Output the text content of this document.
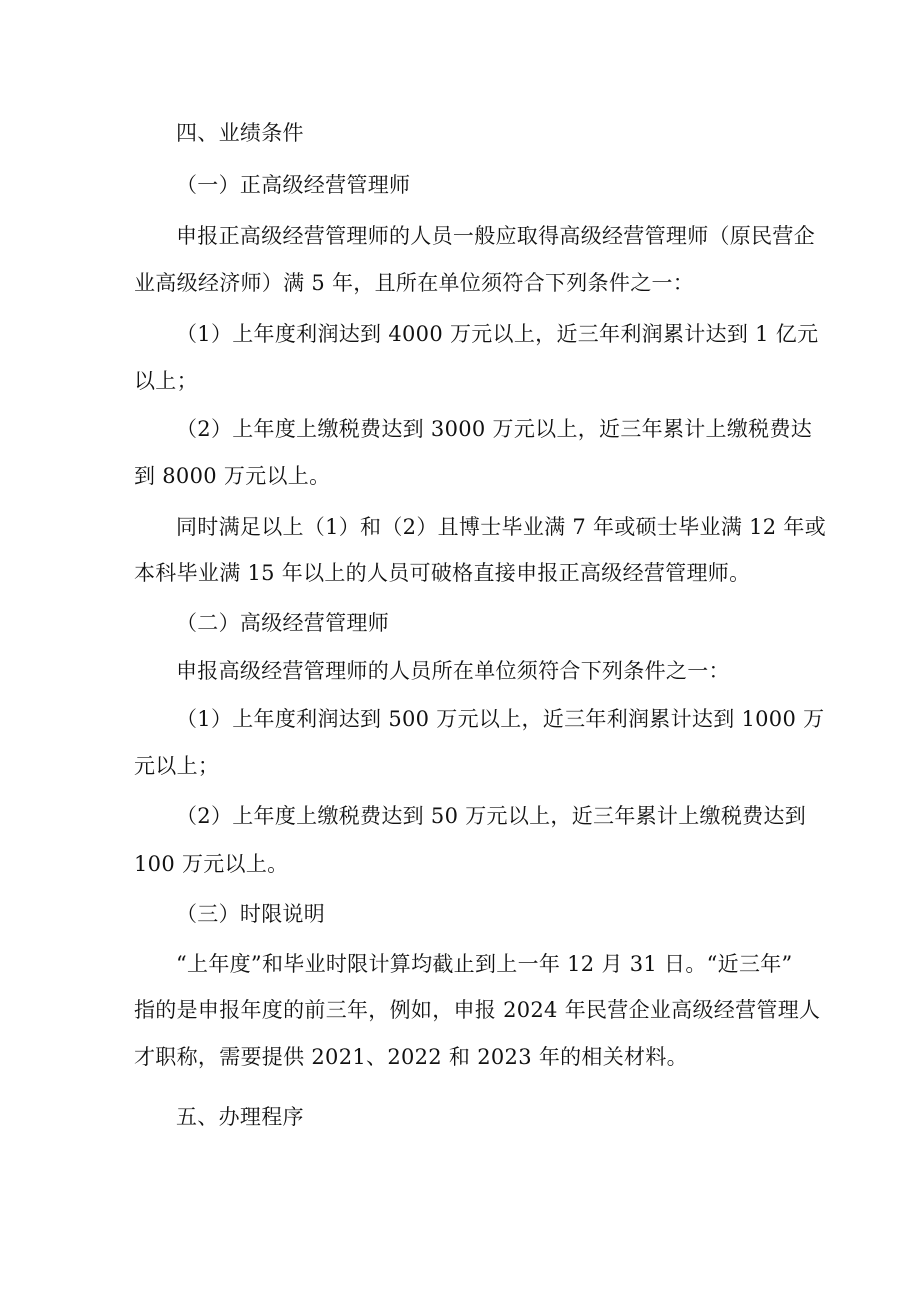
四、业绩条件
（一）正高级经营管理师
申报正高级经营管理师的人员一般应取得高级经营管理师（原民营企
业高级经济师）满 5 年，且所在单位须符合下列条件之一：
（1）上年度利润达到 4000 万元以上，近三年利润累计达到 1 亿元
以上；
（2）上年度上缴税费达到 3000 万元以上，近三年累计上缴税费达
到 8000 万元以上。
同时满足以上（1）和（2）且博士毕业满 7 年或硕士毕业满 12 年或
本科毕业满 15 年以上的人员可破格直接申报正高级经营管理师。
（二）高级经营管理师
申报高级经营管理师的人员所在单位须符合下列条件之一：
（1）上年度利润达到 500 万元以上，近三年利润累计达到 1000 万
元以上；
（2）上年度上缴税费达到 50 万元以上，近三年累计上缴税费达到
100 万元以上。
（三）时限说明
“上年度”和毕业时限计算均截止到上一年 12 月 31 日。“近三年”
指的是申报年度的前三年，例如，申报 2024 年民营企业高级经营管理人
才职称，需要提供 2021、2022 和 2023 年的相关材料。
五、办理程序
